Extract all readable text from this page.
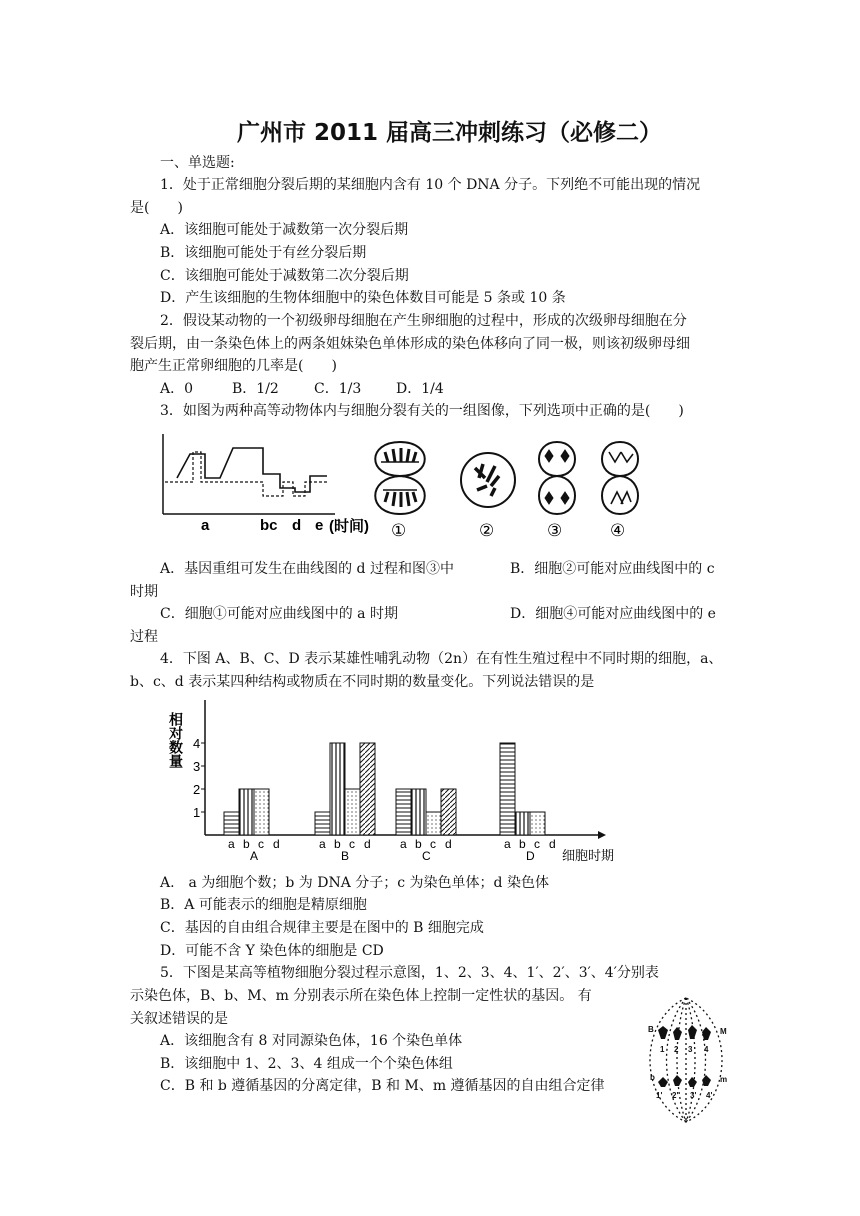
广州市 2011 届高三冲刺练习（必修二）
一、单选题:
1．处于正常细胞分裂后期的某细胞内含有 10 个 DNA 分子。下列绝不可能出现的情况
是(　　)
A．该细胞可能处于减数第一次分裂后期
B．该细胞可能处于有丝分裂后期
C．该细胞可能处于减数第二次分裂后期
D．产生该细胞的生物体细胞中的染色体数目可能是 5 条或 10 条
2．假设某动物的一个初级卵母细胞在产生卵细胞的过程中，形成的次级卵母细胞在分
裂后期，由一条染色体上的两条姐妹染色单体形成的染色体移向了同一极，则该初级卵母细
胞产生正常卵细胞的几率是(　　)
A．0	B．1/2	C．1/3 D．1/4
3．如图为两种高等动物体内与细胞分裂有关的一组图像，下列选项中正确的是(　　)
a	bc d e (时间) ①	②	③	④
A．基因重组可发生在曲线图的 d 过程和图③中	B．细胞②可能对应曲线图中的 c
时期
C．细胞①可能对应曲线图中的 a 时期	D．细胞④可能对应曲线图中的 e
过程
4．下图 A、B、C、D 表示某雄性哺乳动物（2n）在有性生殖过程中不同时期的细胞，a、
b、c、d 表示某四种结构或物质在不同时期的数量变化。下列说法错误的是
相对数量
1
2
3
4
a b c d
A
a b c d
B
a b c d
C
a b c d
D 细胞时期
A.　a 为细胞个数；b 为 DNA 分子；c 为染色单体；d 染色体
B．A 可能表示的细胞是精原细胞
C．基因的自由组合规律主要是在图中的 B 细胞完成
D．可能不含 Y 染色体的细胞是 CD
5．下图是某高等植物细胞分裂过程示意图，1、2、3、4、1′、2′、3′、4′分别表
示染色体，B、b、M、m 分别表示所在染色体上控制一定性状的基因。 有
关叙述错误的是
A．该细胞含有 8 对同源染色体，16 个染色单体
B．该细胞中 1、2、3、4 组成一个个染色体组
C．B 和 b 遵循基因的分离定律，B 和 M、m 遵循基因的自由组合定律
B
1 2 3 4
M
b
1' 2' 3' 4'
m
